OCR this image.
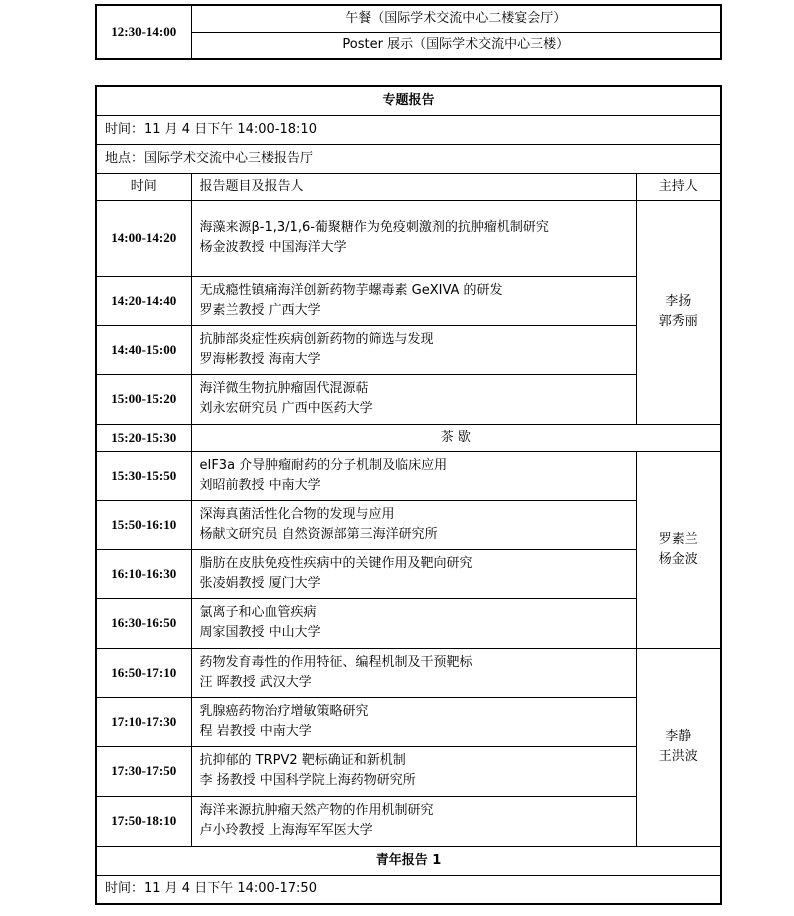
12:30-14:00	午餐（国际学术交流中心二楼宴会厅）
Poster 展示（国际学术交流中心三楼）
专题报告		
时间：11 月 4 日下午 14:00-18:10		
地点：国际学术交流中心三楼报告厅		
时间	报告题目及报告人	主持人
14:00-14:20	海藻来源β-1,3/1,6-葡聚糖作为免疫刺激剂的抗肿瘤机制研究
杨金波教授 中国海洋大学	李扬
郭秀丽

14:20-14:40	无成瘾性镇痛海洋创新药物芋螺毒素 GeXIVA 的研发
罗素兰教授 广西大学	

14:40-15:00	抗肺部炎症性疾病创新药物的筛选与发现
罗海彬教授 海南大学	

15:00-15:20	海洋微生物抗肿瘤固代混源萜
刘永宏研究员 广西中医药大学	

15:20-15:30	茶 歇	
15:30-15:50	eIF3a 介导肿瘤耐药的分子机制及临床应用
刘昭前教授 中南大学	罗素兰
杨金波

15:50-16:10	深海真菌活性化合物的发现与应用
杨献文研究员 自然资源部第三海洋研究所	

16:10-16:30	脂肪在皮肤免疫性疾病中的关键作用及靶向研究
张凌娟教授 厦门大学	

16:30-16:50	氯离子和心血管疾病
周家国教授 中山大学	

16:50-17:10	药物发育毒性的作用特征、编程机制及干预靶标
汪 晖教授 武汉大学	李静
王洪波

17:10-17:30	乳腺癌药物治疗增敏策略研究
程 岩教授 中南大学	

17:30-17:50	抗抑郁的 TRPV2 靶标确证和新机制
李 扬教授 中国科学院上海药物研究所	

17:50-18:10	海洋来源抗肿瘤天然产物的作用机制研究
卢小玲教授 上海海军军医大学	

青年报告 1		
时间：11 月 4 日下午 14:00-17:50		
